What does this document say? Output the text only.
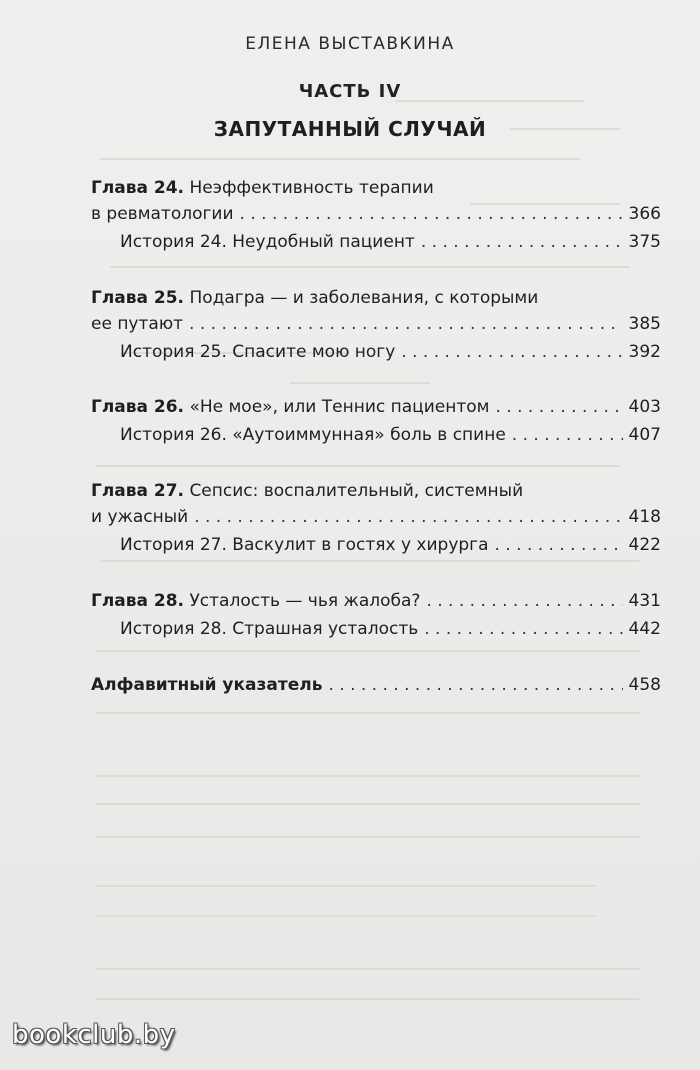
ЕЛЕНА ВЫСТАВКИНА
ЧАСТЬ IV
ЗАПУТАННЫЙ СЛУЧАЙ
Глава 24. Неэффективность терапии
в ревматологии . . .	366
История 24. Неудобный пациент . . .	375
Глава 25. Подагра — и заболевания, с которыми
ее путают . . .	385
История 25. Спасите мою ногу . . .	392
Глава 26. «Не мое», или Теннис пациентом . . .	403
История 26. «Аутоиммунная» боль в спине . . .	407
Глава 27. Сепсис: воспалительный, системный
и ужасный . . .	418
История 27. Васкулит в гостях у хирурга . . .	422
Глава 28. Усталость — чья жалоба? . . .	431
История 28. Страшная усталость . . .	442
Алфавитный указатель . . .	458
bookclub.by
